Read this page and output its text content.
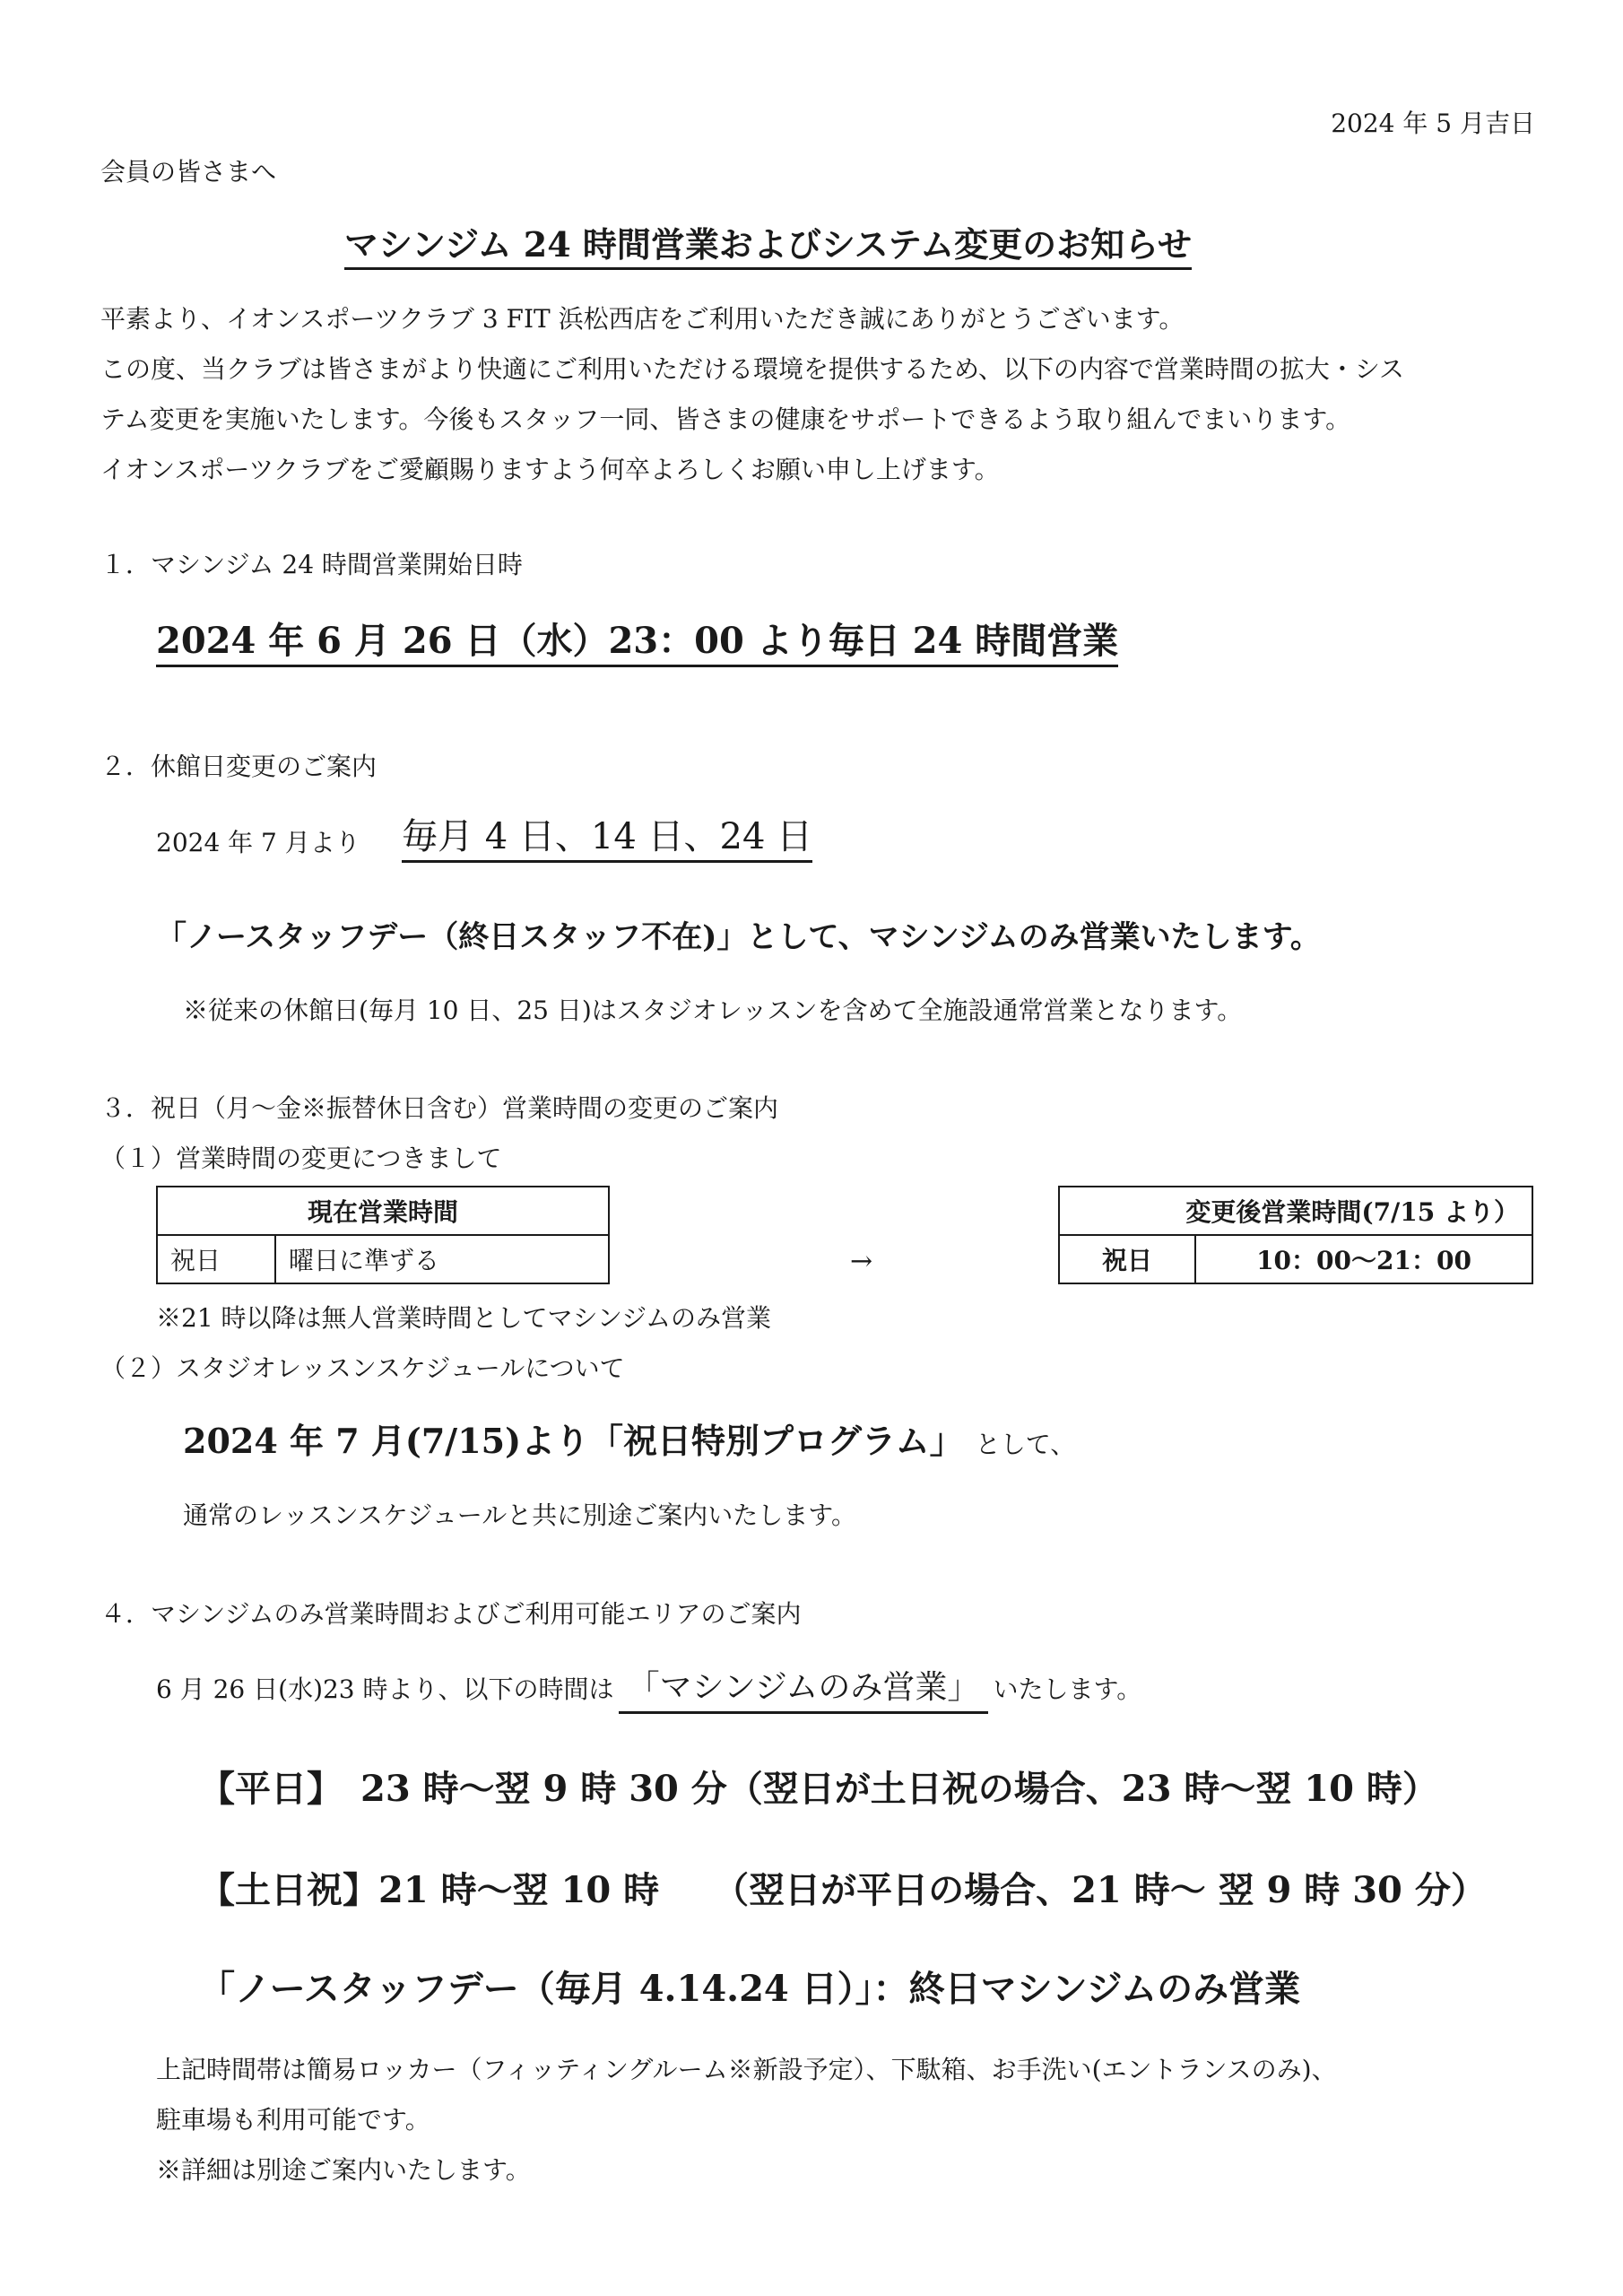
2024 年 5 月吉日
会員の皆さまへ
マシンジム 24 時間営業およびシステム変更のお知らせ
平素より、イオンスポーツクラブ 3 FIT 浜松西店をご利用いただき誠にありがとうございます。
この度、当クラブは皆さまがより快適にご利用いただける環境を提供するため、以下の内容で営業時間の拡大・シス
テム変更を実施いたします。今後もスタッフ一同、皆さまの健康をサポートできるよう取り組んでまいります。
イオンスポーツクラブをご愛顧賜りますよう何卒よろしくお願い申し上げます。
１．マシンジム 24 時間営業開始日時
2024 年 6 月 26 日（水）23：00 より毎日 24 時間営業
２．休館日変更のご案内
2024 年 7 月より 毎月 4 日、14 日、24 日
「ノースタッフデー（終日スタッフ不在)」として、マシンジムのみ営業いたします。
※従来の休館日(毎月 10 日、25 日)はスタジオレッスンを含めて全施設通常営業となります。
３．祝日（月～金※振替休日含む）営業時間の変更のご案内
（１）営業時間の変更につきまして
現在営業時間
祝日	曜日に準ずる	→
変更後営業時間(7/15 より）
祝日	10：00～21：00
※21 時以降は無人営業時間としてマシンジムのみ営業
（２）スタジオレッスンスケジュールについて
2024 年 7 月(7/15)より「祝日特別プログラム」 として、
通常のレッスンスケジュールと共に別途ご案内いたします。
４．マシンジムのみ営業時間およびご利用可能エリアのご案内
6 月 26 日(水)23 時より、以下の時間は 「マシンジムのみ営業」 いたします。
【平日】　23 時～翌 9 時 30 分（翌日が土日祝の場合、23 時～翌 10 時）
【土日祝】21 時～翌 10 時　　（翌日が平日の場合、21 時～ 翌 9 時 30 分）
「ノースタッフデー（毎月 4.14.24 日）」：終日マシンジムのみ営業
上記時間帯は簡易ロッカー（フィッティングルーム※新設予定）、下駄箱、お手洗い(エントランスのみ)、
駐車場も利用可能です。
※詳細は別途ご案内いたします。
